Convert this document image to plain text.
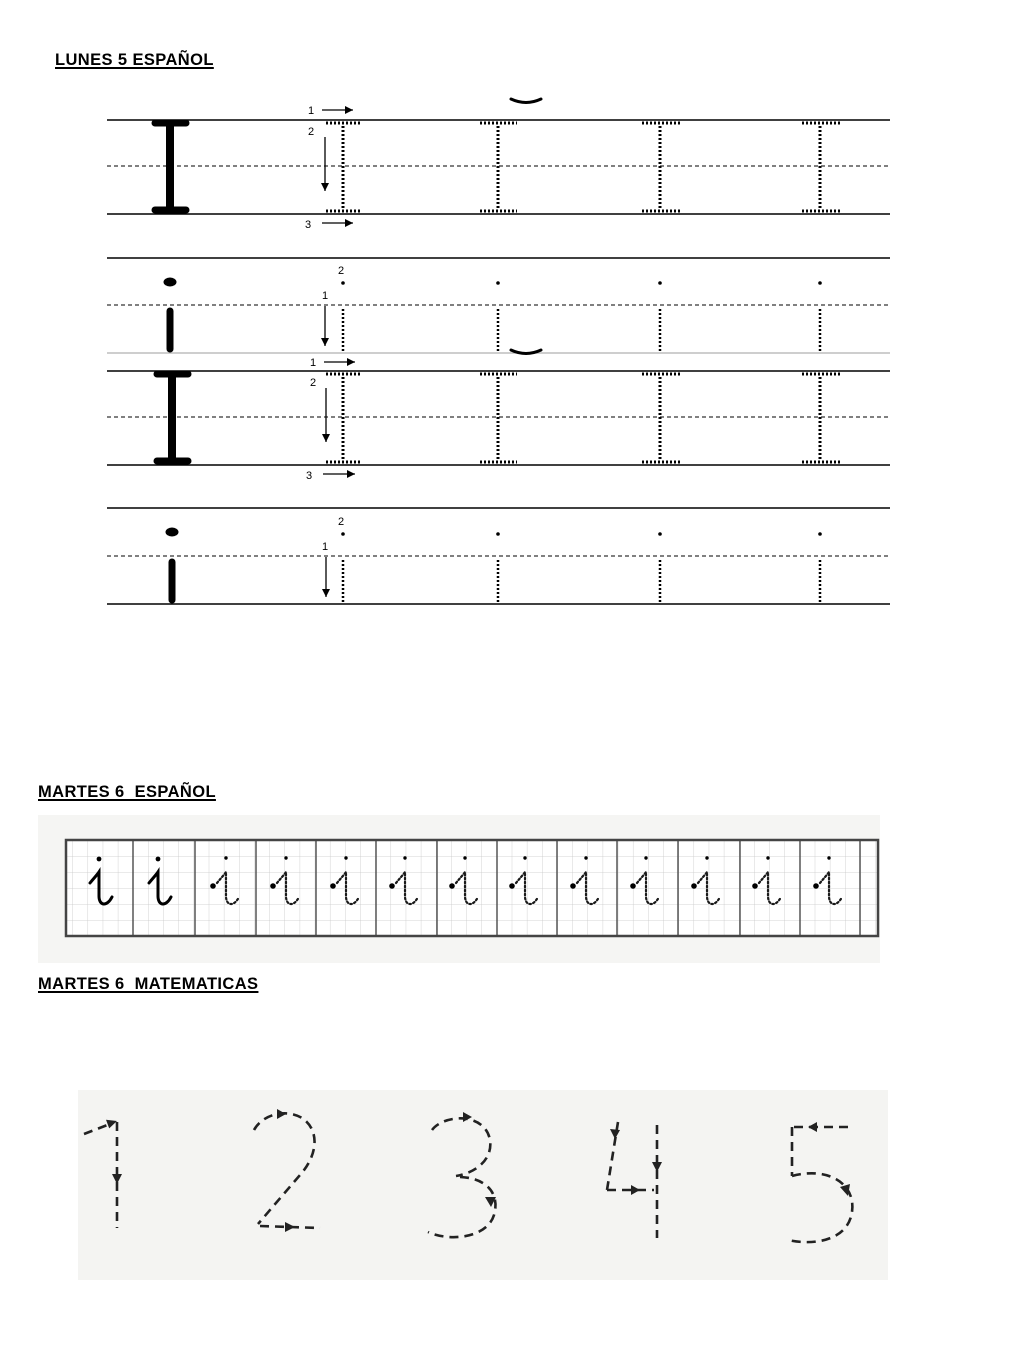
LUNES 5 ESPAÑOL
1
2
3
2
1
1
2
3
2
1
MARTES 6  ESPAÑOL
MARTES 6  MATEMATICAS
